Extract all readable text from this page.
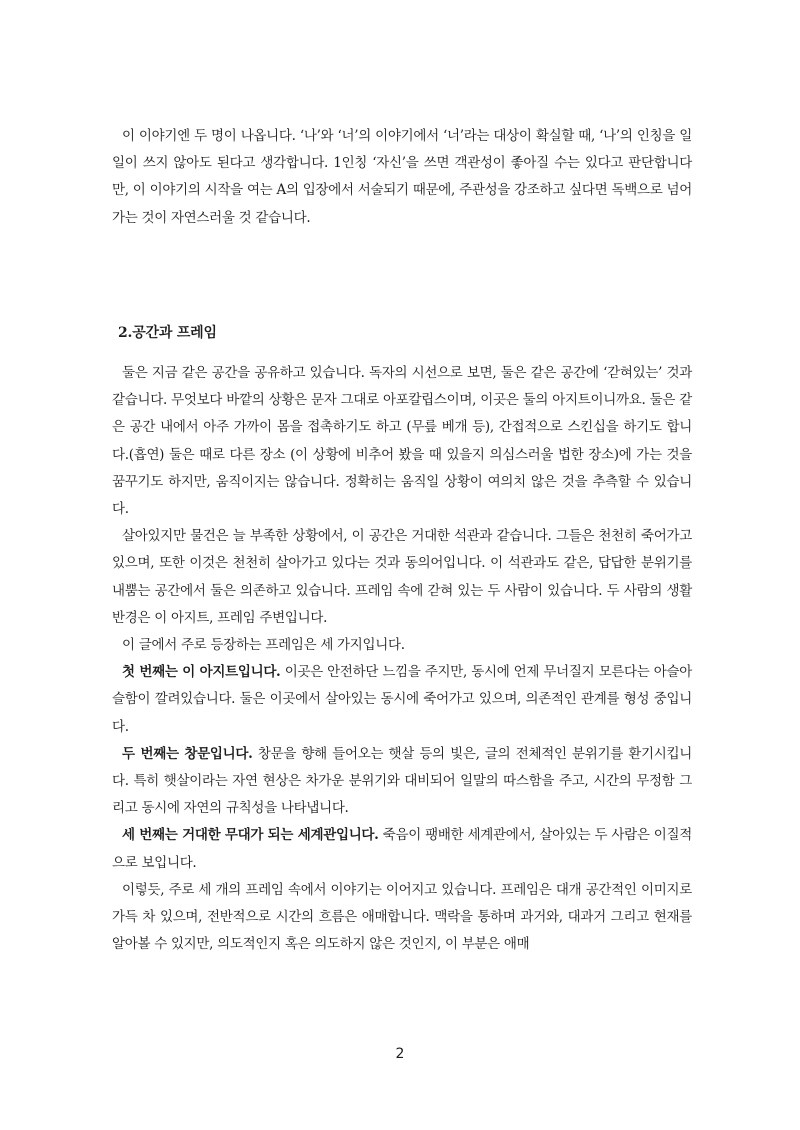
이 이야기엔 두 명이 나옵니다. ‘나’와 ‘너’의 이야기에서 ‘너’라는 대상이 확실할 때, ‘나’의 인칭을 일일이 쓰지 않아도 된다고 생각합니다. 1인칭 ‘자신’을 쓰면 객관성이 좋아질 수는 있다고 판단합니다만, 이 이야기의 시작을 여는 A의 입장에서 서술되기 때문에, 주관성을 강조하고 싶다면 독백으로 넘어가는 것이 자연스러울 것 같습니다.

2.공간과 프레임

둘은 지금 같은 공간을 공유하고 있습니다. 독자의 시선으로 보면, 둘은 같은 공간에 ‘갇혀있는’ 것과 같습니다. 무엇보다 바깥의 상황은 문자 그대로 아포칼립스이며, 이곳은 둘의 아지트이니까요. 둘은 같은 공간 내에서 아주 가까이 몸을 접촉하기도 하고 (무릎 베개 등), 간접적으로 스킨십을 하기도 합니다.(흡연) 둘은 때로 다른 장소 (이 상황에 비추어 봤을 때 있을지 의심스러울 법한 장소)에 가는 것을 꿈꾸기도 하지만, 움직이지는 않습니다. 정확히는 움직일 상황이 여의치 않은 것을 추측할 수 있습니다.

살아있지만 물건은 늘 부족한 상황에서, 이 공간은 거대한 석관과 같습니다. 그들은 천천히 죽어가고 있으며, 또한 이것은 천천히 살아가고 있다는 것과 동의어입니다. 이 석관과도 같은, 답답한 분위기를 내뿜는 공간에서 둘은 의존하고 있습니다. 프레임 속에 갇혀 있는 두 사람이 있습니다. 두 사람의 생활 반경은 이 아지트, 프레임 주변입니다.

이 글에서 주로 등장하는 프레임은 세 가지입니다.

첫 번째는 이 아지트입니다. 이곳은 안전하단 느낌을 주지만, 동시에 언제 무너질지 모른다는 아슬아슬함이 깔려있습니다. 둘은 이곳에서 살아있는 동시에 죽어가고 있으며, 의존적인 관계를 형성 중입니다.

두 번째는 창문입니다. 창문을 향해 들어오는 햇살 등의 빛은, 글의 전체적인 분위기를 환기시킵니다. 특히 햇살이라는 자연 현상은 차가운 분위기와 대비되어 일말의 따스함을 주고, 시간의 무정함 그리고 동시에 자연의 규칙성을 나타냅니다.

세 번째는 거대한 무대가 되는 세계관입니다. 죽음이 팽배한 세계관에서, 살아있는 두 사람은 이질적으로 보입니다.

이렇듯, 주로 세 개의 프레임 속에서 이야기는 이어지고 있습니다. 프레임은 대개 공간적인 이미지로 가득 차 있으며, 전반적으로 시간의 흐름은 애매합니다. 맥락을 통하며 과거와, 대과거 그리고 현재를 알아볼 수 있지만, 의도적인지 혹은 의도하지 않은 것인지, 이 부분은 애매

2
